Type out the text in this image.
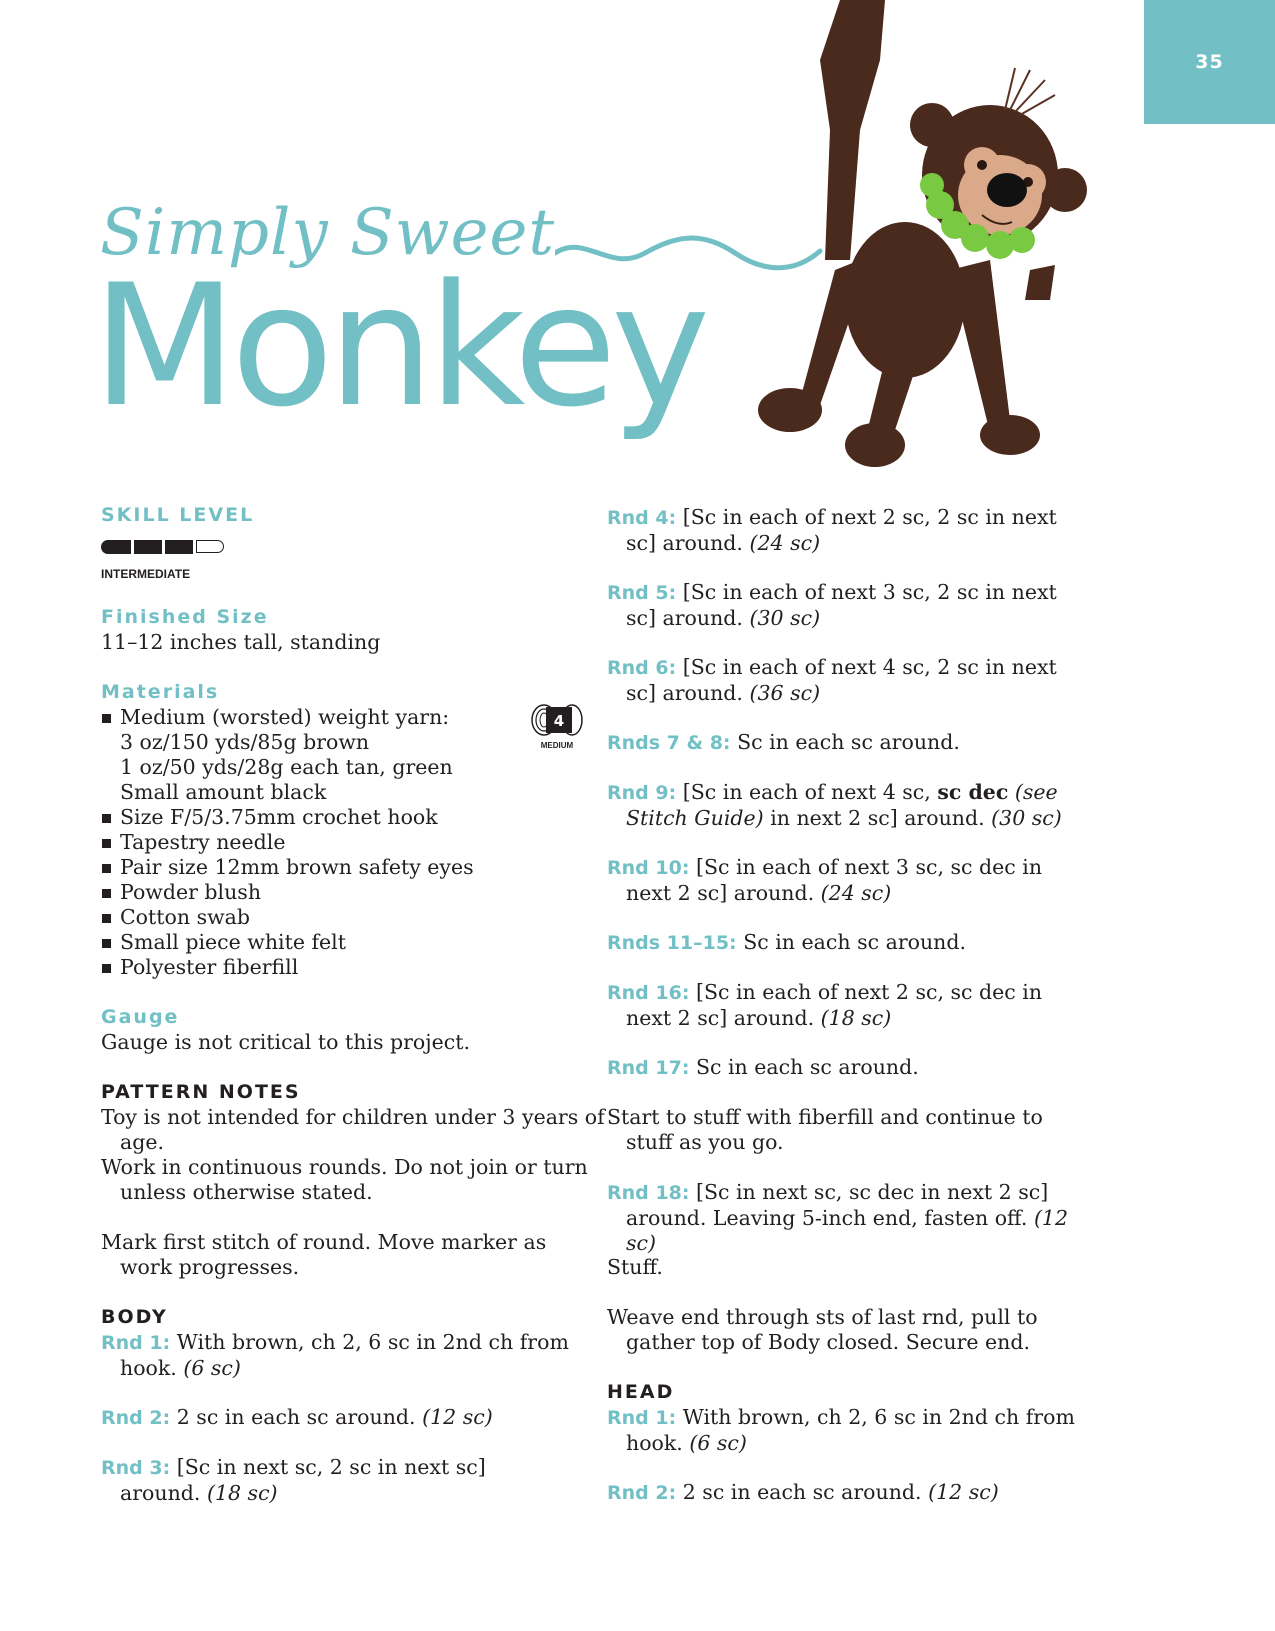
35
Simply Sweet
Monkey
SKILL LEVEL
INTERMEDIATE
Finished Size
11–12 inches tall, standing
Materials
Medium (worsted) weight yarn:
3 oz/150 yds/85g brown
1 oz/50 yds/28g each tan, green
Small amount black
Size F/5/3.75mm crochet hook
Tapestry needle
Pair size 12mm brown safety eyes
Powder blush
Cotton swab
Small piece white felt
Polyester fiberfill
Gauge
Gauge is not critical to this project.
PATTERN NOTES
Toy is not intended for children under 3 years of age.
Work in continuous rounds. Do not join or turn unless otherwise stated.
Mark first stitch of round. Move marker as work progresses.
BODY
Rnd 1: With brown, ch 2, 6 sc in 2nd ch from hook. (6 sc)
Rnd 2: 2 sc in each sc around. (12 sc)
Rnd 3: [Sc in next sc, 2 sc in next sc] around. (18 sc)
4
MEDIUM
Rnd 4: [Sc in each of next 2 sc, 2 sc in next sc] around. (24 sc)
Rnd 5: [Sc in each of next 3 sc, 2 sc in next sc] around. (30 sc)
Rnd 6: [Sc in each of next 4 sc, 2 sc in next sc] around. (36 sc)
Rnds 7 & 8: Sc in each sc around.
Rnd 9: [Sc in each of next 4 sc, sc dec (see Stitch Guide) in next 2 sc] around. (30 sc)
Rnd 10: [Sc in each of next 3 sc, sc dec in next 2 sc] around. (24 sc)
Rnds 11–15: Sc in each sc around.
Rnd 16: [Sc in each of next 2 sc, sc dec in next 2 sc] around. (18 sc)
Rnd 17: Sc in each sc around.
Start to stuff with fiberfill and continue to stuff as you go.
Rnd 18: [Sc in next sc, sc dec in next 2 sc] around. Leaving 5-inch end, fasten off. (12 sc)
Stuff.
Weave end through sts of last rnd, pull to gather top of Body closed. Secure end.
HEAD
Rnd 1: With brown, ch 2, 6 sc in 2nd ch from hook. (6 sc)
Rnd 2: 2 sc in each sc around. (12 sc)
